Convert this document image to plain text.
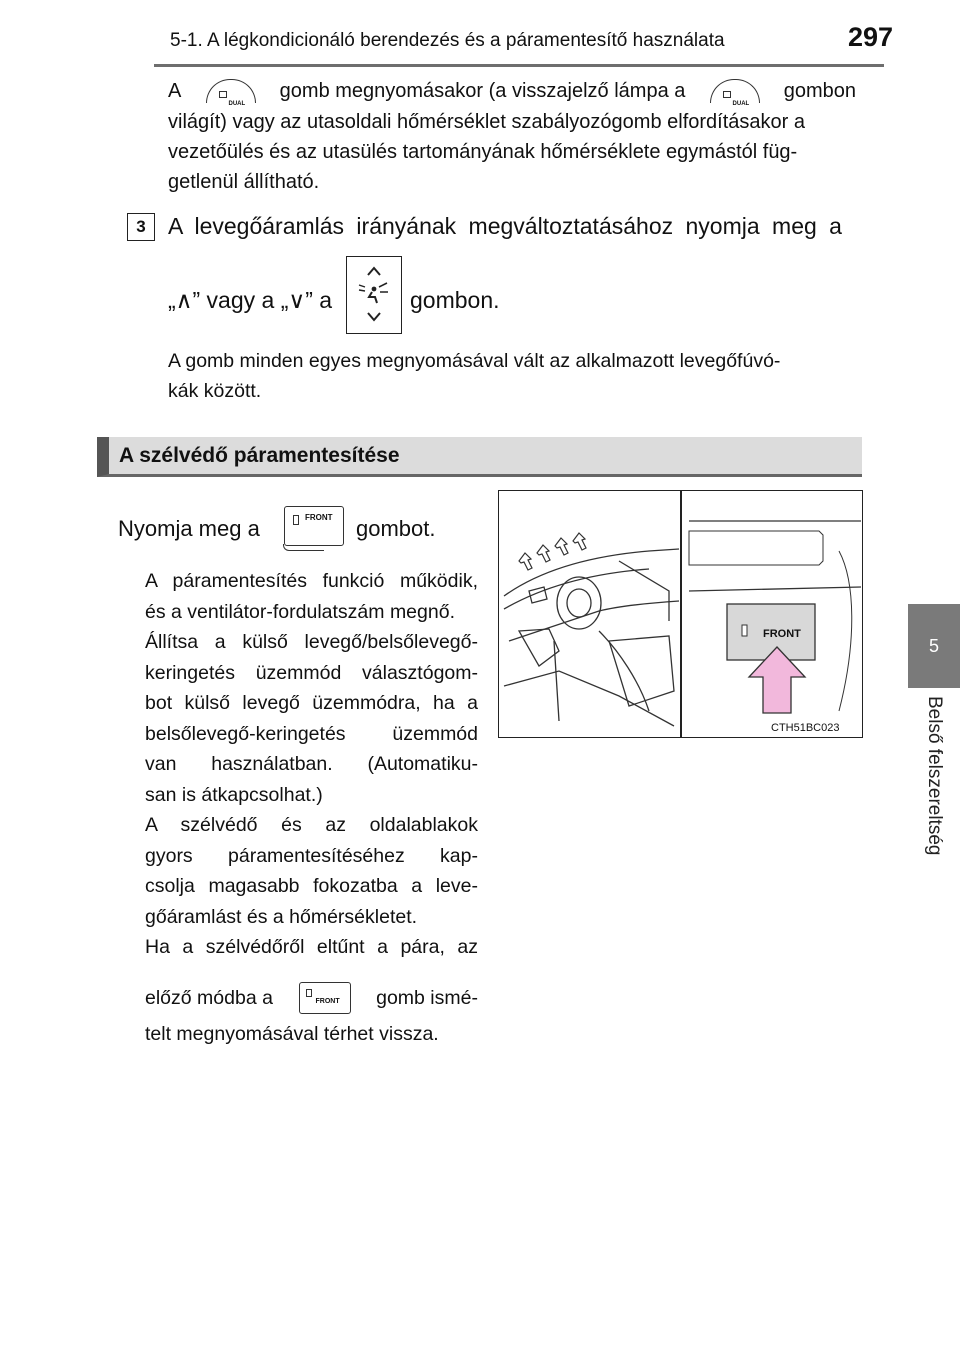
5-1. A légkondicionáló berendezés és a páramentesítő használata	297
5
Belső felszereltség
A
DUAL
gomb megnyomásakor (a visszajelző lámpa a
DUAL
gombon
világít) vagy az utasoldali hőmérséklet szabályozógomb elfordításakor a
vezetőülés és az utasülés tartományának hőmérséklete egymástól füg-
getlenül állítható.
3 A levegőáramlás irányának megváltoztatásához nyomja meg a
„∧” vagy a „∨” a	gombon.
A gomb minden egyes megnyomásával vált az alkalmazott levegőfúvó-
kák között.
A szélvédő páramentesítése
Nyomja meg a	FRONT gombot.
A páramentesítés funkció működik,
és a ventilátor-fordulatszám megnő.
Állítsa a külső levegő/belsőlevegő-
keringetés üzemmód választógom-
bot külső levegő üzemmódra, ha a
belsőlevegő-keringetés üzemmód
van használatban. (Automatiku-
san is átkapcsolhat.)
A szélvédő és az oldalablakok
gyors páramentesítéséhez kap-
csolja magasabb fokozatba a leve-
gőáramlást és a hőmérsékletet.
Ha a szélvédőről eltűnt a pára, az
előző módba a	FRONT gomb ismé-
telt megnyomásával térhet vissza.
FRONT
CTH51BC023
